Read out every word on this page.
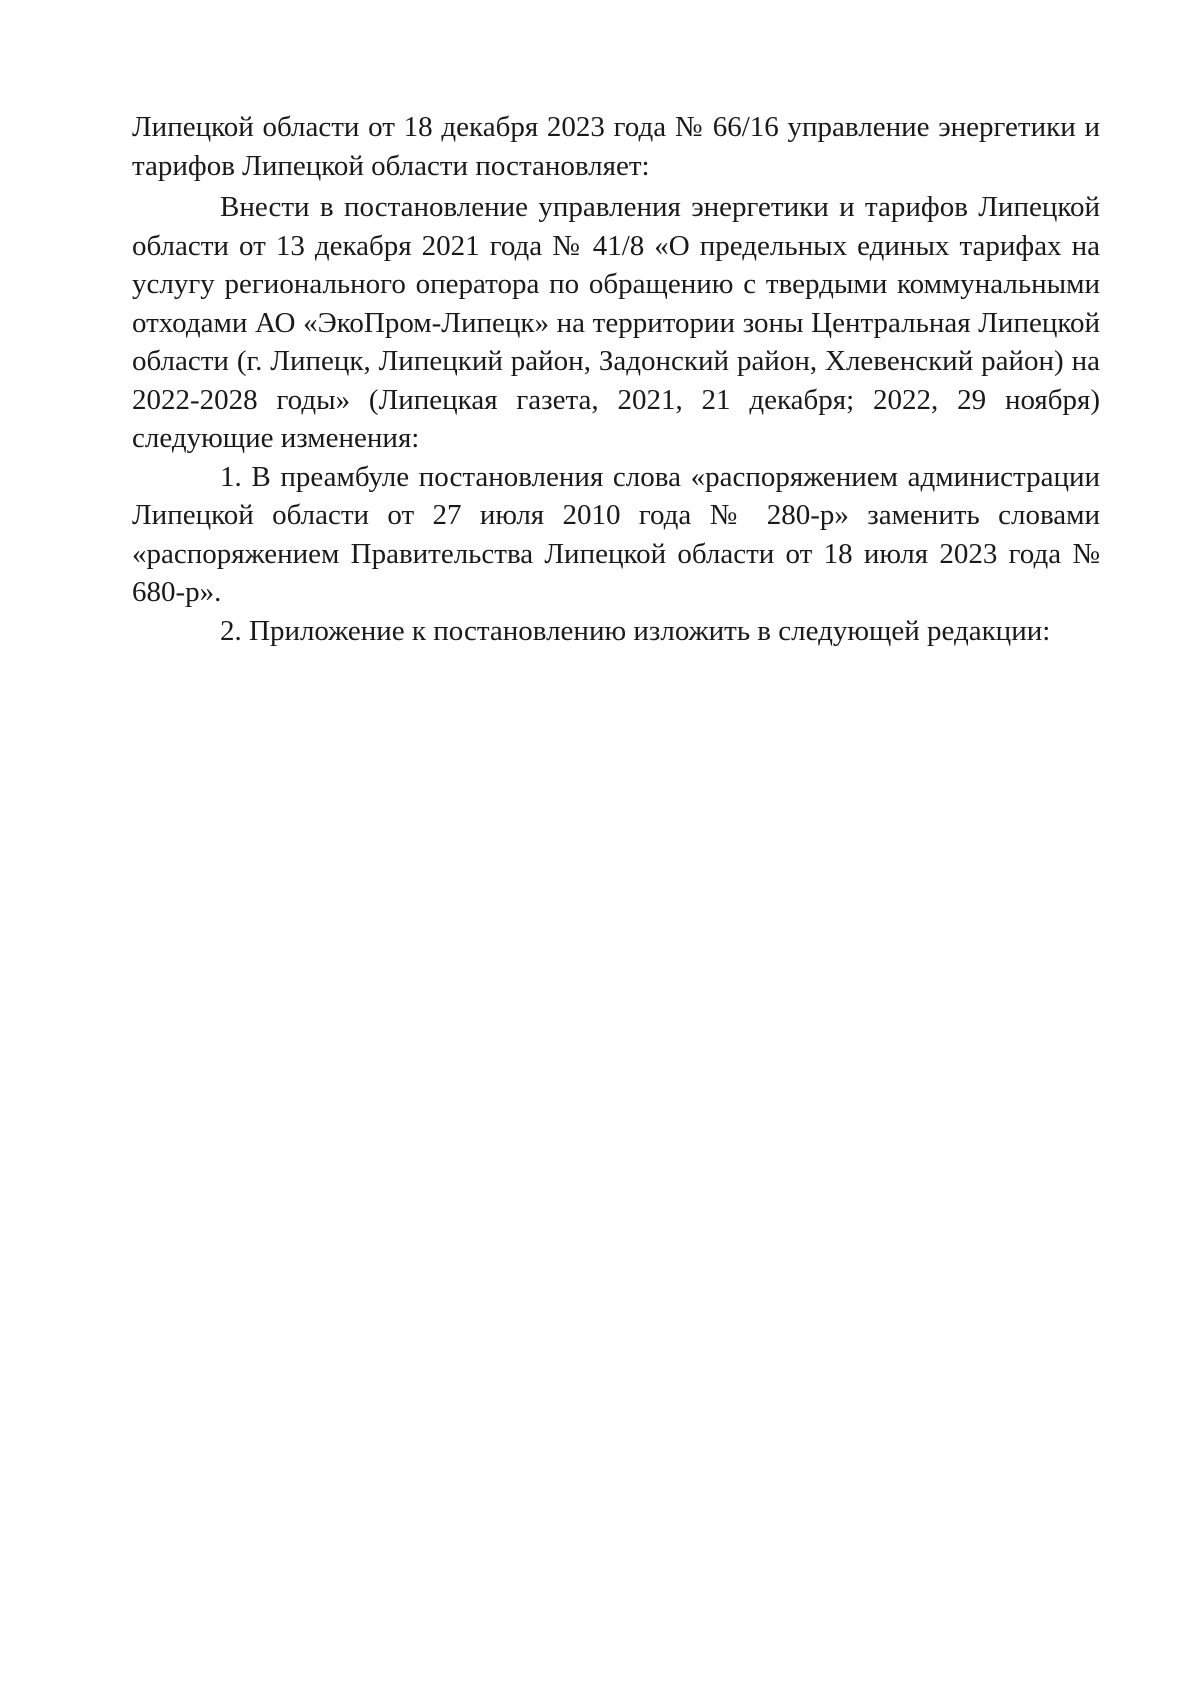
Липецкой области от 18 декабря 2023 года № 66/16 управление энергетики и тарифов Липецкой области постановляет:

Внести в постановление управления энергетики и тарифов Липецкой области от 13 декабря 2021 года № 41/8 «О предельных единых тарифах на услугу регионального оператора по обращению с твердыми коммунальными отходами АО «ЭкоПром-Липецк» на территории зоны Центральная Липецкой области (г. Липецк, Липецкий район, Задонский район, Хлевенский район) на 2022-2028 годы» (Липецкая газета, 2021, 21 декабря; 2022, 29 ноября) следующие изменения:

1. В преамбуле постановления слова «распоряжением администрации Липецкой области от 27 июля 2010 года № 280-р» заменить словами «распоряжением Правительства Липецкой области от 18 июля 2023 года № 680-р».

2. Приложение к постановлению изложить в следующей редакции:
